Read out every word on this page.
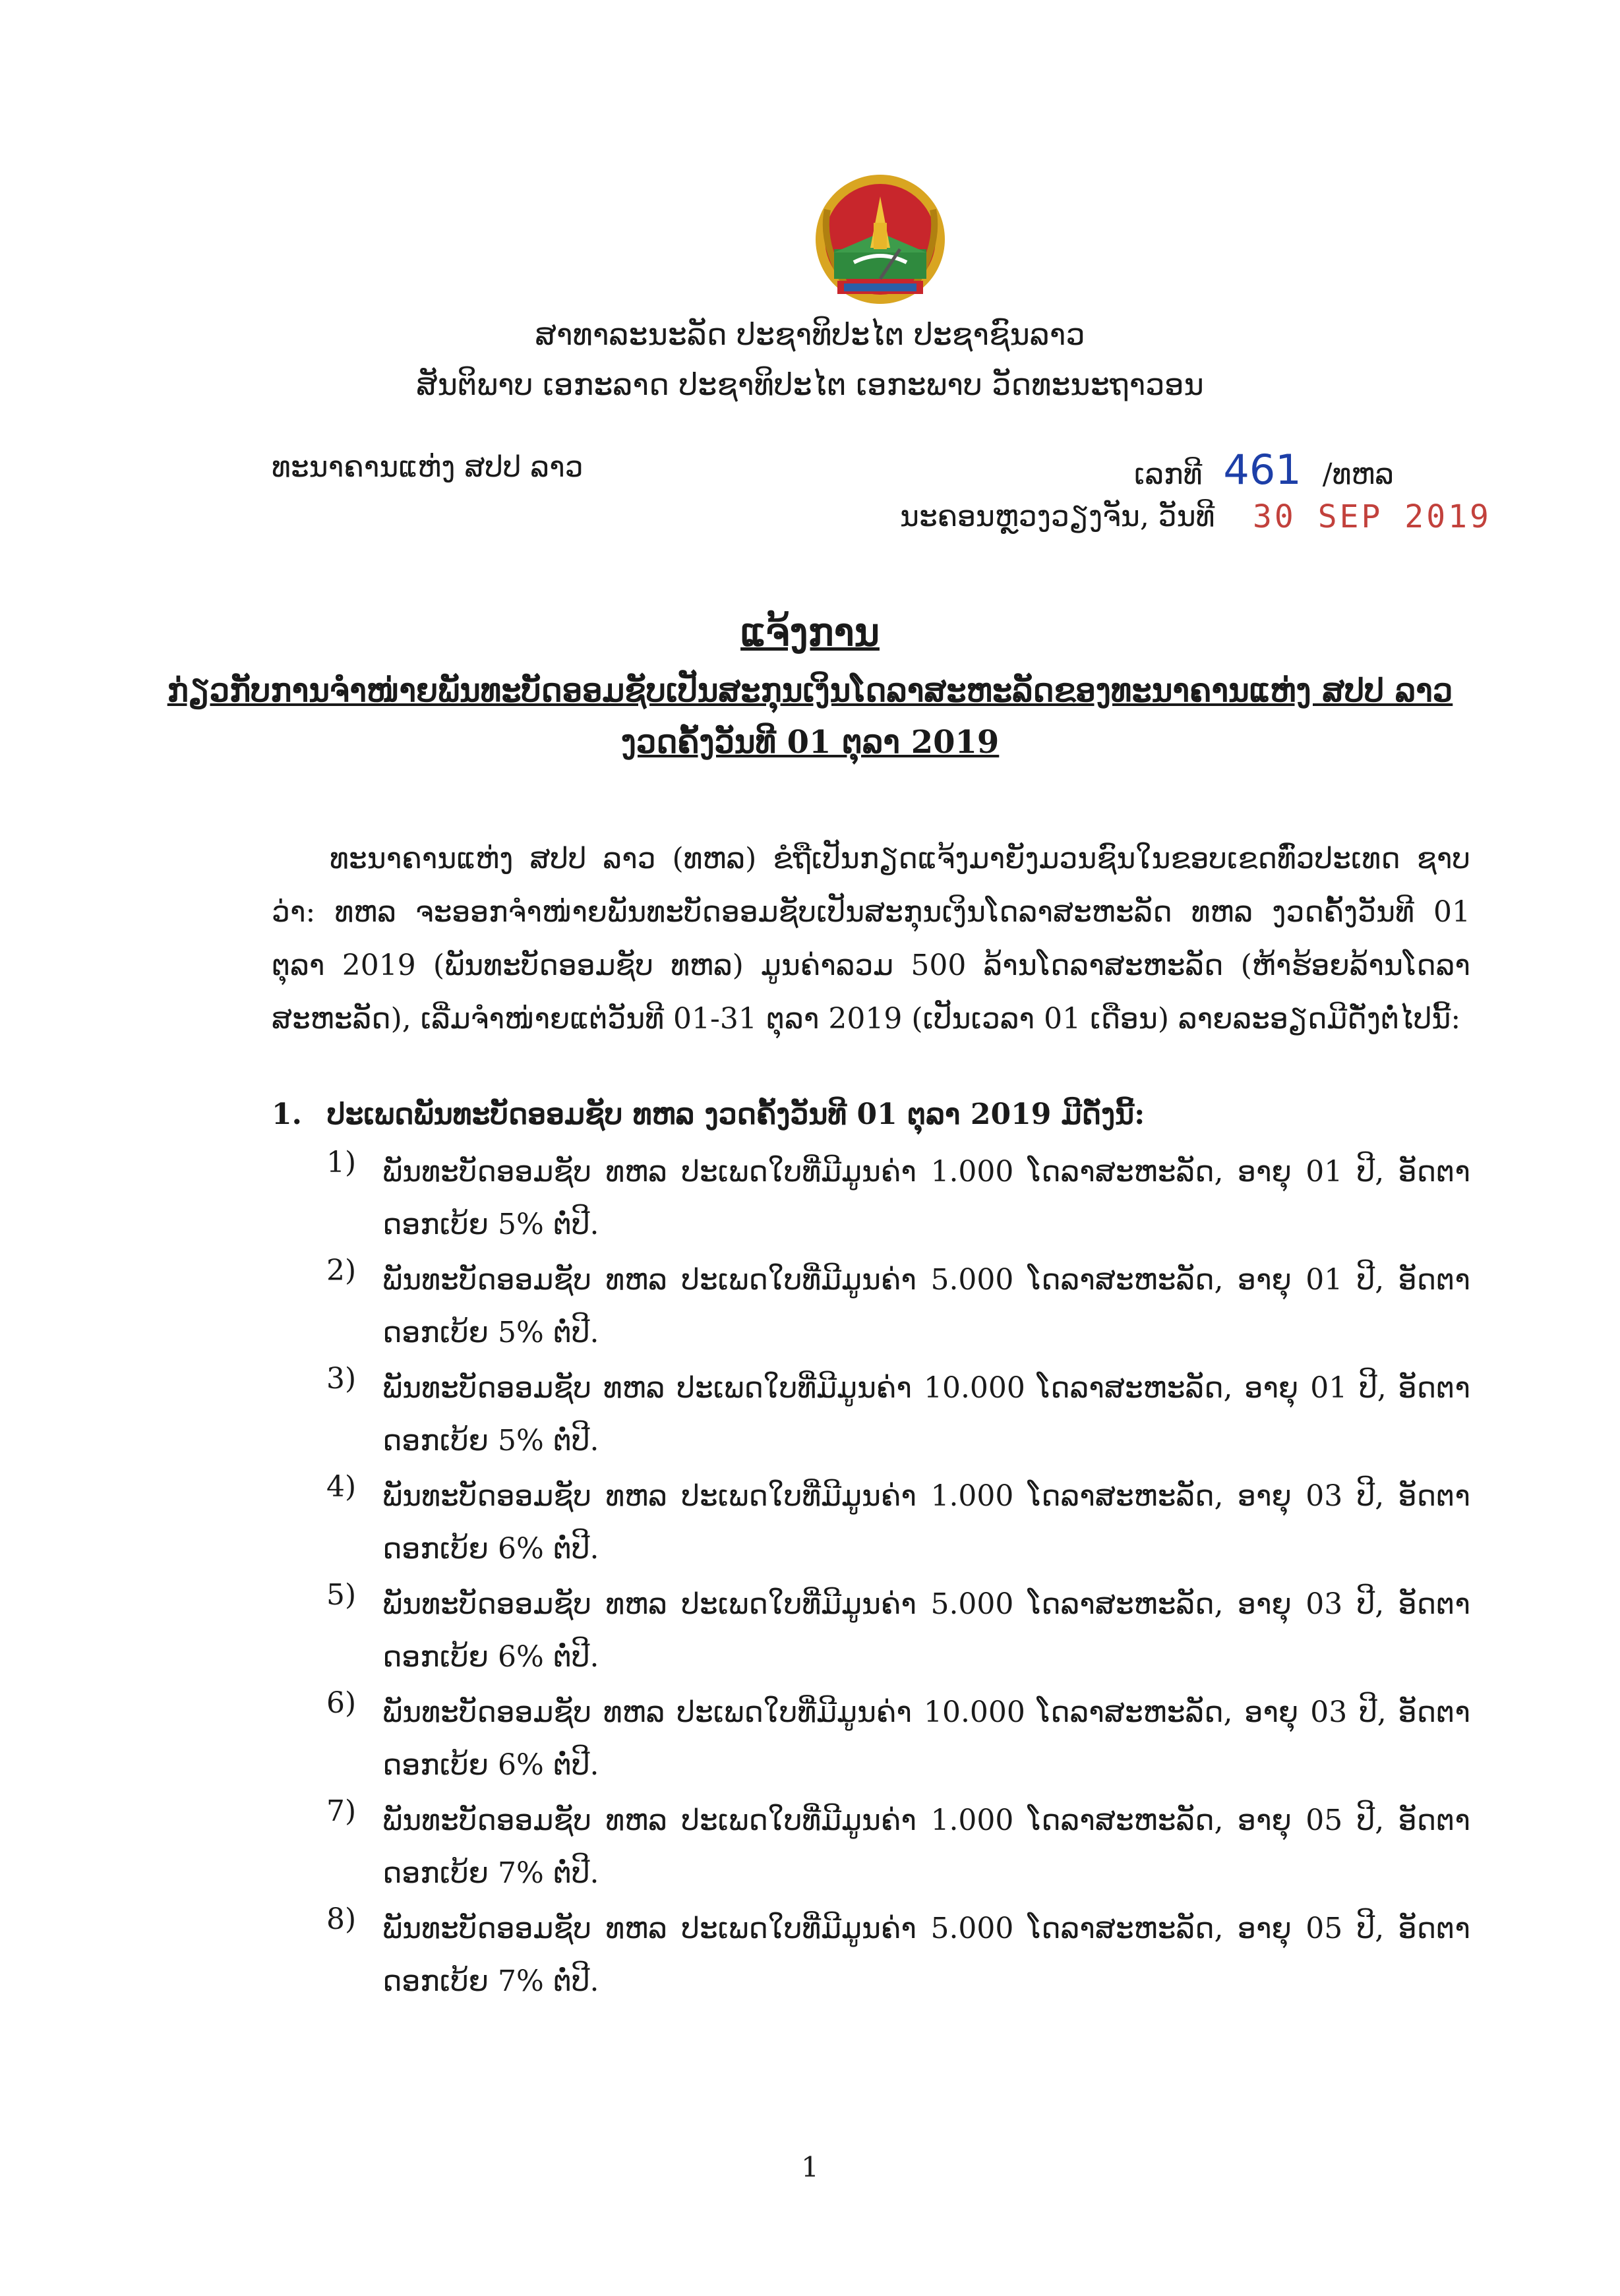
ສາທາລະນະລັດ ປະຊາທິປະໄຕ ປະຊາຊົນລາວ
ສັນຕິພາບ ເອກະລາດ ປະຊາທິປະໄຕ ເອກະພາບ ວັດທະນະຖາວອນ
ທະນາຄານແຫ່ງ ສປປ ລາວ	ເລກທີ 461 /ທຫລ
ນະຄອນຫຼວງວຽງຈັນ, ວັນທີ 30 SEP 2019
ແຈ້ງການ
ກ່ຽວກັບການຈຳໜ່າຍພັນທະບັດອອມຊັບເປັນສະກຸນເງິນໂດລາສະຫະລັດຂອງທະນາຄານແຫ່ງ ສປປ ລາວ
ງວດຄັ້ງວັນທີ 01 ຕຸລາ 2019
ທະນາຄານແຫ່ງ ສປປ ລາວ (ທຫລ) ຂໍຖືເປັນກຽດແຈ້ງມາຍັງມວນຊົນໃນຂອບເຂດທົ່ວປະເທດ ຊາບວ່າ: ທຫລ ຈະອອກຈຳໜ່າຍພັນທະບັດອອມຊັບເປັນສະກຸນເງິນໂດລາສະຫະລັດ ທຫລ ງວດຄັ້ງວັນທີ 01 ຕຸລາ 2019 (ພັນທະບັດອອມຊັບ ທຫລ) ມູນຄ່າລວມ 500 ລ້ານໂດລາສະຫະລັດ (ຫ້າຮ້ອຍລ້ານໂດລາສະຫະລັດ), ເລີ່ມຈຳໜ່າຍແຕ່ວັນທີ 01-31 ຕຸລາ 2019 (ເປັນເວລາ 01 ເດືອນ) ລາຍລະອຽດມີດັ່ງຕໍ່ໄປນີ້:
1. ປະເພດພັນທະບັດອອມຊັບ ທຫລ ງວດຄັ້ງວັນທີ 01 ຕຸລາ 2019 ມີດັ່ງນີ້:
1) ພັນທະບັດອອມຊັບ ທຫລ ປະເພດໃບທີ່ມີມູນຄ່າ 1.000 ໂດລາສະຫະລັດ, ອາຍຸ 01 ປີ, ອັດຕາດອກເບ້ຍ 5% ຕໍ່ປີ.
2) ພັນທະບັດອອມຊັບ ທຫລ ປະເພດໃບທີ່ມີມູນຄ່າ 5.000 ໂດລາສະຫະລັດ, ອາຍຸ 01 ປີ, ອັດຕາດອກເບ້ຍ 5% ຕໍ່ປີ.
3) ພັນທະບັດອອມຊັບ ທຫລ ປະເພດໃບທີ່ມີມູນຄ່າ 10.000 ໂດລາສະຫະລັດ, ອາຍຸ 01 ປີ, ອັດຕາດອກເບ້ຍ 5% ຕໍ່ປີ.
4) ພັນທະບັດອອມຊັບ ທຫລ ປະເພດໃບທີ່ມີມູນຄ່າ 1.000 ໂດລາສະຫະລັດ, ອາຍຸ 03 ປີ, ອັດຕາດອກເບ້ຍ 6% ຕໍ່ປີ.
5) ພັນທະບັດອອມຊັບ ທຫລ ປະເພດໃບທີ່ມີມູນຄ່າ 5.000 ໂດລາສະຫະລັດ, ອາຍຸ 03 ປີ, ອັດຕາດອກເບ້ຍ 6% ຕໍ່ປີ.
6) ພັນທະບັດອອມຊັບ ທຫລ ປະເພດໃບທີ່ມີມູນຄ່າ 10.000 ໂດລາສະຫະລັດ, ອາຍຸ 03 ປີ, ອັດຕາດອກເບ້ຍ 6% ຕໍ່ປີ.
7) ພັນທະບັດອອມຊັບ ທຫລ ປະເພດໃບທີ່ມີມູນຄ່າ 1.000 ໂດລາສະຫະລັດ, ອາຍຸ 05 ປີ, ອັດຕາດອກເບ້ຍ 7% ຕໍ່ປີ.
8) ພັນທະບັດອອມຊັບ ທຫລ ປະເພດໃບທີ່ມີມູນຄ່າ 5.000 ໂດລາສະຫະລັດ, ອາຍຸ 05 ປີ, ອັດຕາດອກເບ້ຍ 7% ຕໍ່ປີ.
1
